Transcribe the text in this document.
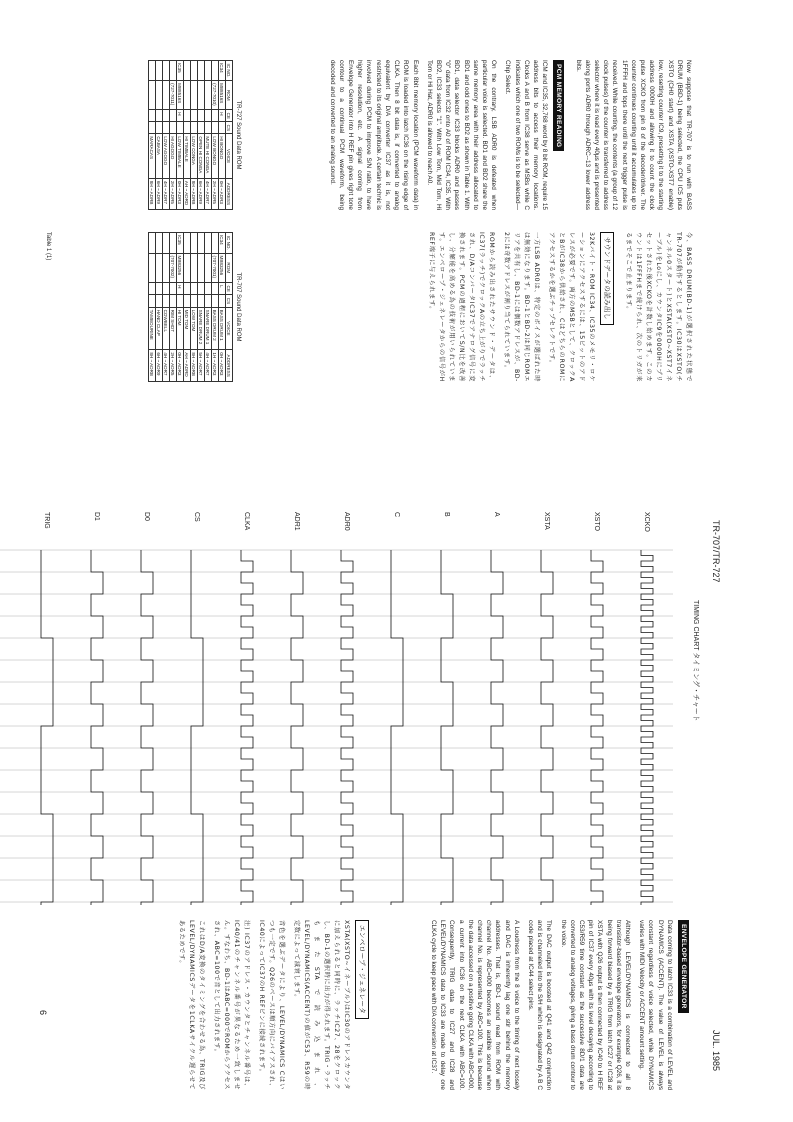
TR-707/TR-727
JUL. 1985

Now suppose that TR-707 is to run with BASS DRUM (BBD-1) being selected, the CPU IC5 puts XSTO (CH0 start) and XSTA (XSTO-XST7 enable) low, resetting counter IC9, presetting it to the starting address 0000H and allowing it to count the clock pulse XCKO from pin 8 of the decoder/driver. The counter continues counting until it accumulates up to 1FFFH and tops there until the next trigger pulse is received. While counting, the contents (a group of 12 clock pulses) of the counter is transferred to address selector where it is read every 40μs and is presented along ports ADR0 through ADRC--13 lower address bits.

PCM MEMORY READING

ICM and IC35, 32,768 word by 8 bit ROM, require 15 address bits to access their memory locations. Clocks A and B from IC38 serve as MSBs while C indicates which one of two ROMs is to be selected—Chip Select.

On the contrary, LSB ADR0 is defeated when particular voice is selected. BD1 and BD2 share the same memory area with their address allocated to BD1 and odd ones to BD2 as shown in Table 1. With BD1, data selector IC33 blocks ADR0 and passes "0" data from IC32 onto A0 of ROM IC34, IC35. With BD2, IC33 selects "1". With Low Tom, Mid Tom, Hi Tom or Hi Hat, ADR0 is allowed to reach A0.

Each 8bit memory location (PCM waveform data) in ROM is loaded into latch IC36 on the rising edge of CLKA. Then 8 bit data is, if converted to analog equivalent by D/A converter IC37 as it is, not restricted to its original amplitude. A certain technic is involved during PCM to improve S/N ratio, to have higher resolution, etc. A signal coming from Envelope Generator into H REF pin gives right tone contour to a continual PCM waveform, being decoded and converted to an analog sound.

TR-727 Sound Data ROM
IC NO.	ROM	CE	CS	VOICE	ADDRESS
IC34	MB8516S	H		HI BONGO	0H ~ ADR3
	(727-7010)			LOW BONGO	2H ~ ADR5
				MUTE HI CONGA	4H ~ ADR7
				OPEN HI CONGA	6H ~ ADR9
				LOW CONGA	8H ~ ADRB
				HI TIMBALE	AH ~ ADRD
IC35	MB8516S	H		LOW TIMBALE	0H ~ ADR3
	(727-7011)			HI AGOGO	2H ~ ADR5
				LOW AGOGO	4H ~ ADR7
				CABASA	6H ~ ADR9
				MARACAS	8H ~ ADRB
Table 1 (1)	今、BASS DRUM(BD-1)が選択された状態でTR-707が動作するとします。IC30はXSTO(チャンネル0スタート)とXSTA(XSTO~XST7イネーブル)をLoにし、カウンタIC9を0000Hにプリセットされた後XCKOを計数し始めます。このカウントは1FFFHまで続けられ、次のトリガが来るまでそこで止まります。

サウンドデータの読み出し

32Kバイト・ROM IC34、IC35のメモリ・ロケーションにアクセスするには、15ビットのアドレスが必要です。両方のMSBとして、クロックAとBがIC38から供給され、CはどちらのROMにアクセスするかを選ぶチップセレクトです。

一方LSB ADR0は、特定のボイスが選ばれた時は無効になります。BD-1とBD-2は同じROMエリアを共有し、BD-1には偶数アドレスが、BD-2には奇数アドレスが割り当てられています。

ROMから読み出されたサウンド・データは、IC37(ラッチ)でクロックAの立ち上がりでラッチされ、D/AコンバータIC37でアナログ信号に変換されます。PCMの過程においてS/N比を改善し、分解能を高める為の技術が用いられています。エンベロープ・ジェネレータからの信号がH REF端子に与えられます。

TR-707 Sound Data ROM
IC NO.	ROM	CE	CS	VOICE	ADDRESS
IC34	MB83256	L		BASS DRUM 1	0H ~ ADR3
	(707-7001)			BASS DRUM 2	1H ~ ADR3
				SNARE DRUM 1	4H ~ ADR7
				SNARE DRUM 2	5H ~ ADR7
				LOW TOM	8H ~ ADRB
				MID TOM	AH ~ ADRD
IC35	MB83256	H		HI TOM	0H ~ ADR3
	(707-7002)			RIM SHOT	2H ~ ADR5
				COWBELL	4H ~ ADR7
				HAND CLAP	6H ~ ADR9
				TAMBOURINE	8H ~ ADRB
TIMING CHART タイミング・チャート
XCKO
XSTO
XSTA
A
B
C
ADR0
ADR1
CLKA
CS
D0
D1
TRIG
ENVELOPE GENERATOR

Data coming to latch IC33 is a combination of LEVEL and DYNAMICS (ACCENT). The value of LEVEL is always constant regardless of voice selected, while DYNAMICS varies with MIDI Velocity or ACCENT amount setting.

Although LEVEL/DYNAMICS is connected to all 8 transistor-based envelope generators, for example Q26, it is being forward biased by a TRIG from latch IC27 or IC28 at XSTA with Q26 output is then connected by IC40 to H REF pin of IC37 every 40μs with its level decaying according to C53/R59 time constant as the successive 8D/1 data are converted to analog voltages, giving a bass drum contour to the voice.

The DAC output is boosted at Q41 and Q42 conjunction and is channeled into the S/H which is designated by A B C code placed at IC44 select pins.

A Loudness from the 8 voice to the timing of next loosely and DAC is inherently lag one stir behind the memory addresses. That is, BD-1 sound read from ROM with channel No. ABC=000 becomes an audible sound when channel No. is represented by ABC=100. This is because the data accessed on a positive going CLKA with ABC=000, a current into IC36 on the next CLKA with ABC=100. Consequently, TRIG data to IC27 and IC28 and LEVEL/DYNAMICS data to IC33 are made to delay one CLKA cycle to keep pace with D/A conversion at IC37.

エンベロープ・ジェネレータ

XSTA(XSTO~イネーブル)はIC30のアドレスカウンタに加えられると同時に、ラッチIC27、28をクロックし、BD-1の選択時に出力が得られます。TRIG・ラッチもまたSTAで読み込まれ、LEVEL/DYNAMICS(ACCENT)の値がC53、R59の時定数によって減衰します。

音色を選ぶデータにより、LEVEL/DYNAMICS Cはいつも一定です。Q26のベースは順方向にバイアスされ、IC40によってIC37のH REFピンに接続されます。

注) IC37のアドレス・カウンタとチャンネル番号は、IC40/41のチャンネル番号が異なるため一致しません。すなわち、BD-1はABC=000でROMからアクセスされ、ABC=100で音として出力されます。

これはD/A変換のタイミングを合わせる為、TRIG及びLEVEL/DYNAMICSデータを1CLKAサイクル遅らせてあるためです。

6
